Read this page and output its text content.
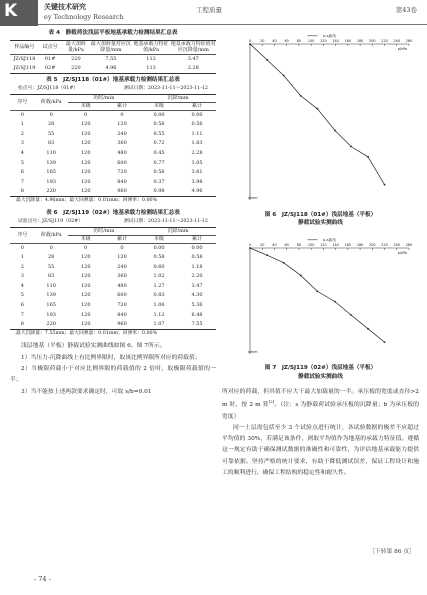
K	关键技术研究
ey Technology Research
工程质量	第43卷
表 4　静载荷法浅层平板地基承载力检测结果汇总表
样品编号	试点号	最大加荷量/kPa	最大加荷量对应沉降量/mm	地基承载力特征值/kPa	地基承载力特征值对应沉降量/mm
JZ/SJ118	01#	220	7.55	112	3.47
JZ/SJ119	02#	220	4.96	113	2.28
表 5　JZ/SJ118（01#）地基承载力检测结果汇总表
检点号：JZ/SJ118（01#）	测试日期：2023-11-11～2023-11-12
序号	荷载/kPa	历时/min		沉降/mm	
		本级	累计	本级	累计
0	0	0	0	0.00	0.00
1	28	120	120	0.56	0.56
2	55	120	240	0.55	1.11
3	83	120	360	0.72	1.83
4	110	120	480	0.45	2.28
5	139	120	600	0.77	3.05
6	165	120	720	0.56	3.61
7	193	120	840	0.37	3.98
8	220	120	960	0.98	4.96
最大沉降量：4.96mm；最大回弹量：0.01mm；回弹率：0.00%
表 6　JZ/SJ119（02#）地基承载力检测结果汇总表
试验点号：JZ/SJ119（02#）	测试日期：2023-11-11～2023-11-12
序号	荷载/kPa	历时/min		沉降/mm	
		本级	累计	本级	累计
0	0	0	0	0.00	0.00
1	28	120	120	0.58	0.58
2	55	120	240	0.60	1.18
3	83	120	360	1.02	2.20
4	110	120	480	1.27	3.47
5	139	120	600	0.83	4.30
6	165	120	720	1.06	5.36
7	193	120	840	1.12	6.48
8	220	120	960	1.07	7.55
最大沉降量：7.55mm；最大回弹量：0.01mm；回弹率：0.00%

浅层地基（平板）静载试验实测曲线如图 6、图 7所示。

1）当压力-沉降曲线上有比例界限时，取该比例界限所对应的荷载值；

2）当极限荷载小于对应比例界限的荷载值的 2 倍时，取极限荷载值的一半；

3）当不能按上述两款要求确定时，可取 s/b=0.01

0	20 40 60 80 100 120 140 160 180 200 220 240 260
p/kPa
s/mm
p-s曲线
图 6　JZ/SJ118（01#）浅层地基（平板）
静载试验实测曲线
0	20 40 60 80 100 120 140 160 180 200 220 240 260
p/kPa
s/mm
p-s曲线
图 7　JZ/SJ119（02#）浅层地基（平板）
静载试验实测曲线

所对应的荷载，但其值不应大于最大加载量的一半。承压板的宽度或直径>2 m 时，按 2 m 算[2]。（注：s 为静载荷试验承压板的沉降量；b 为承压板的宽度）

同一土层需包括至少 3 个试验点进行统计，各试验数据的极差不应超过平均值的 30%，若满足该条件，则取平均值作为地基的承载力特征值。遵循这一规定有助于确保测试数据的准确性和可靠性，为评估地基承载能力提供可靠依据。坚持严格的统计要求，有助于降低测试误差，保证工程设计和施工的顺利进行，确保工程结构的稳定性和耐久性。

［下转第 86 页］
- 74 -
